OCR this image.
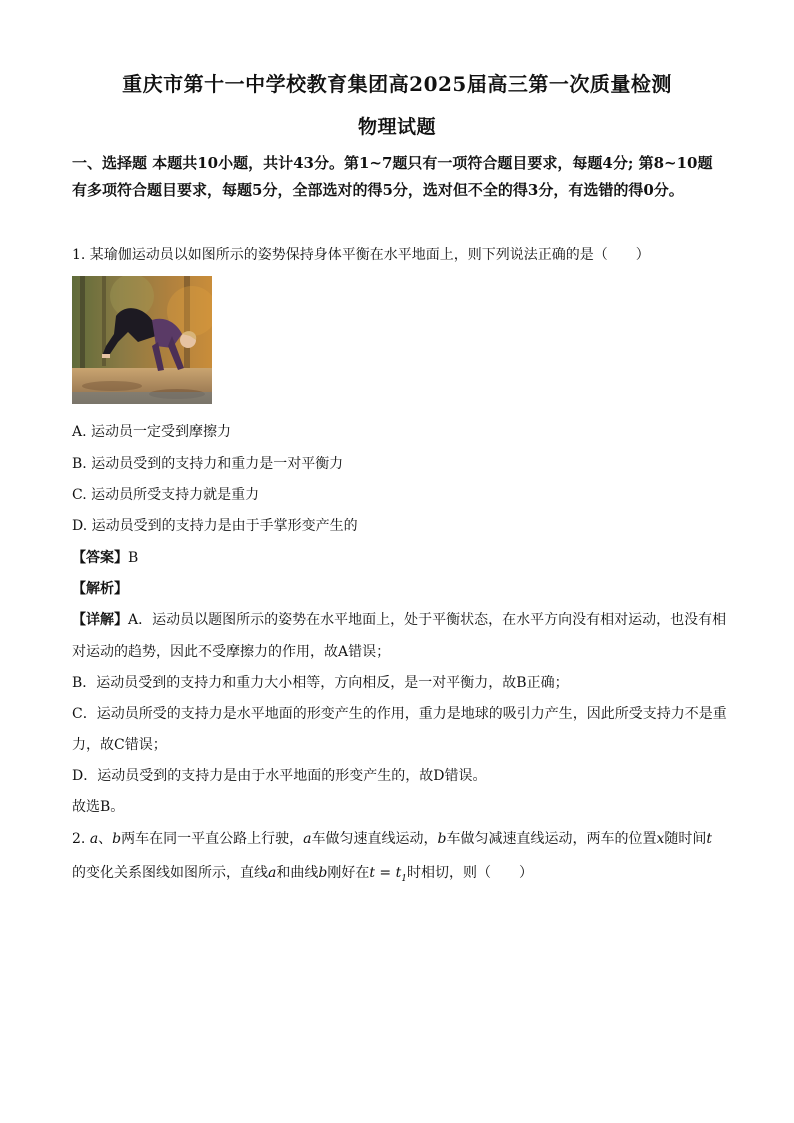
重庆市第十一中学校教育集团高2025届高三第一次质量检测
物理试题
一、选择题 本题共10小题，共计43分。第1~7题只有一项符合题目要求，每题4分; 第8~10题有多项符合题目要求，每题5分，全部选对的得5分，选对但不全的得3分，有选错的得0分。
1. 某瑜伽运动员以如图所示的姿势保持身体平衡在水平地面上，则下列说法正确的是（　　）
A. 运动员一定受到摩擦力
B. 运动员受到的支持力和重力是一对平衡力
C. 运动员所受支持力就是重力
D. 运动员受到的支持力是由于手掌形变产生的
【答案】B
【解析】
【详解】A．运动员以题图所示的姿势在水平地面上，处于平衡状态，在水平方向没有相对运动，也没有相
对运动的趋势，因此不受摩擦力的作用，故A错误；
B．运动员受到的支持力和重力大小相等，方向相反，是一对平衡力，故B正确；
C．运动员所受的支持力是水平地面的形变产生的作用，重力是地球的吸引力产生，因此所受支持力不是重
力，故C错误；
D．运动员受到的支持力是由于水平地面的形变产生的，故D错误。
故选B。
2. a、b两车在同一平直公路上行驶，a车做匀速直线运动，b车做匀减速直线运动，两车的位置x随时间t
的变化关系图线如图所示，直线a和曲线b刚好在$t = t_1$时相切，则（　　）
